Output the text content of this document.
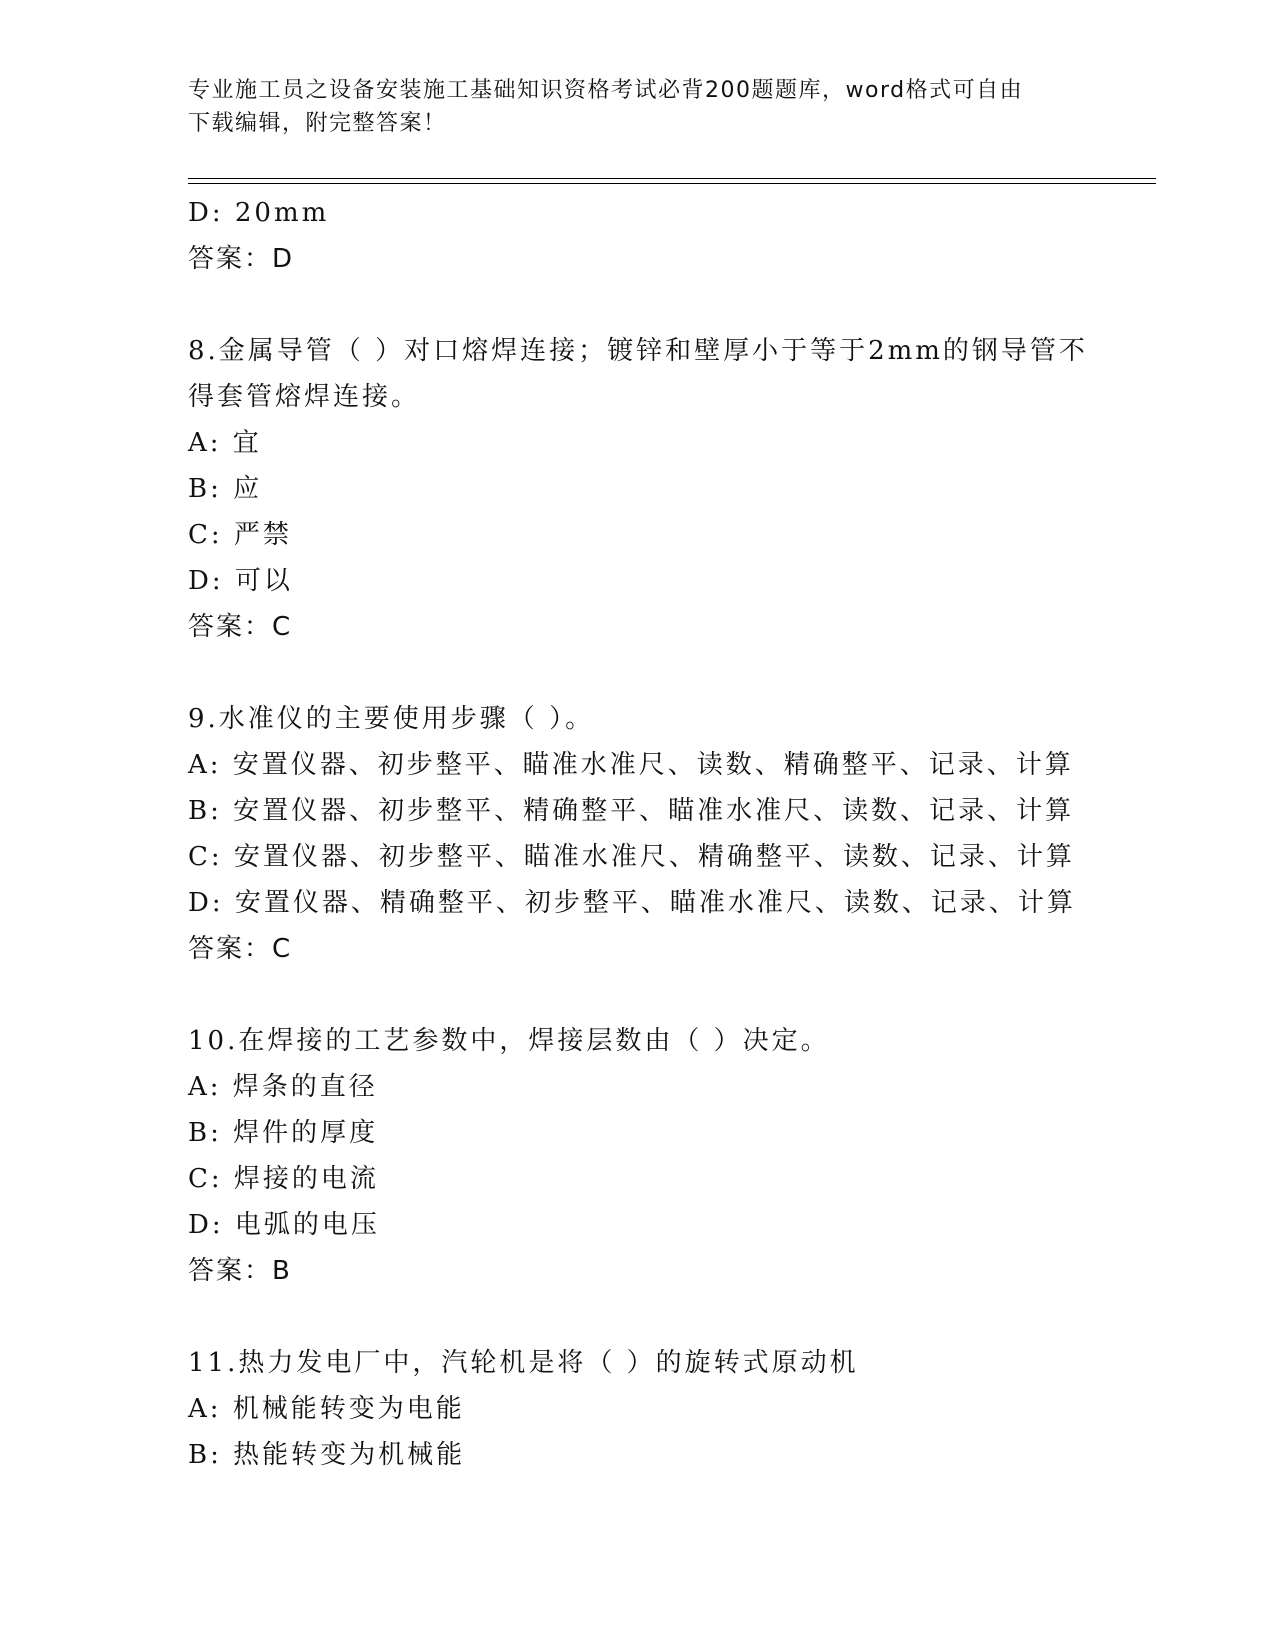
专业施工员之设备安装施工基础知识资格考试必背200题题库，word格式可自由
下载编辑，附完整答案！
D: 20mm
答案：D
8.金属导管（ ）对口熔焊连接；镀锌和壁厚小于等于2mm的钢导管不
得套管熔焊连接。
A: 宜
B: 应
C: 严禁
D: 可以
答案：C
9.水准仪的主要使用步骤（ ）。
A: 安置仪器、初步整平、瞄准水准尺、读数、精确整平、记录、计算
B: 安置仪器、初步整平、精确整平、瞄准水准尺、读数、记录、计算
C: 安置仪器、初步整平、瞄准水准尺、精确整平、读数、记录、计算
D: 安置仪器、精确整平、初步整平、瞄准水准尺、读数、记录、计算
答案：C
10.在焊接的工艺参数中，焊接层数由（ ）决定。
A: 焊条的直径
B: 焊件的厚度
C: 焊接的电流
D: 电弧的电压
答案：B
11.热力发电厂中，汽轮机是将（ ）的旋转式原动机
A: 机械能转变为电能
B: 热能转变为机械能
